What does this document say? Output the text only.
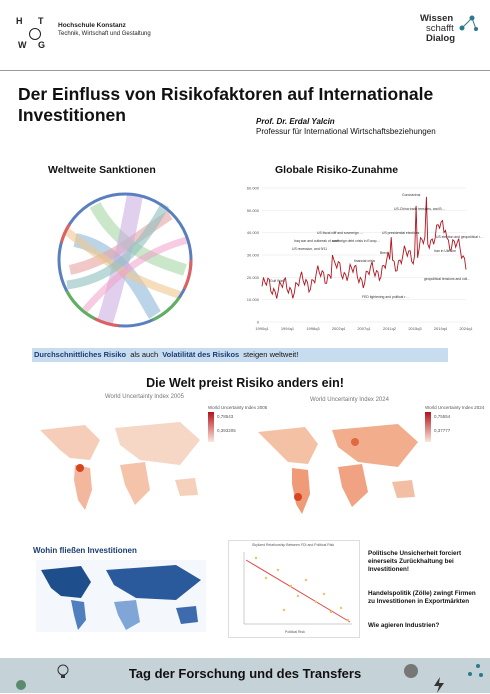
H T
W G
Hochschule Konstanz
Technik, Wirtschaft und Gestaltung
Wissen
schafft
Dialog
Der Einfluss von Risikofaktoren auf Internationale Investitionen	Prof. Dr. Erdal Yalcin
Professur für International Wirtschaftsbeziehungen
Weltweite Sanktionen	Globale Risiko-Zunahme
0
10.000
20.000
30.000
40.000
50.000
60.000
1990q1	1994q1	1998q3	2002q4	2007q1	2011q2	2015q3	2019q4	2024q1
Gulf War I
US recession, and 9/11
Iraq war and outbreak of confl…
US fiscal cliff and sovereign …
sovereign debt crisis in Europ…
financial crisis
FED tightening and political r…
US presidential elections
Brexit
US-China trade tensions, and B…
Coronavirus
US election and geopolitical r…
Iran in Ukraine
geopolitical tensions and coll…
Durchschnittliches Risiko als auch Volatilität des Risikos steigen weltweit!
Die Welt preist Risiko anders ein!
World Uncertainty Index 2005
World Uncertainty Index 2005
0,78543
0,393205
World Uncertainty Index 2024
World Uncertainty Index 2024
0,75554
0,37777
Wohin fließen Investitionen
Skylized Relationship Between FDI and Political Risk
Political Risk
Politische Unsicherheit forciert einerseits Zurückhaltung bei Investitionen!
Handelspolitik (Zölle) zwingt Firmen zu Investitionen in Exportmärkten
Wie agieren Industrien?
Tag der Forschung und des Transfers
